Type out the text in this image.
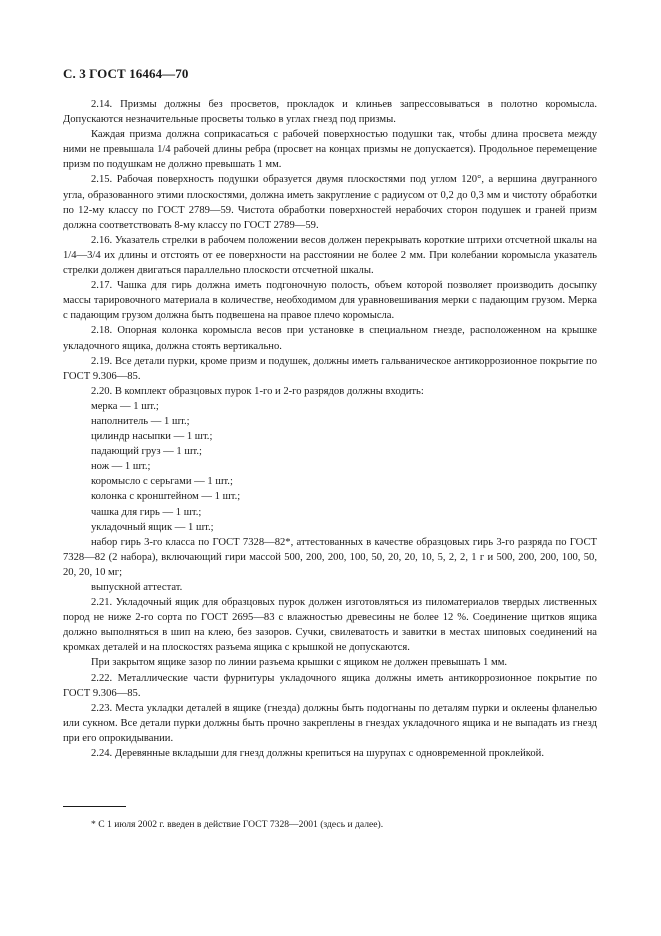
С. 3 ГОСТ 16464—70

2.14. Призмы должны без просветов, прокладок и клиньев запрессовываться в полотно коромысла. Допускаются незначительные просветы только в углах гнезд под призмы.

Каждая призма должна соприкасаться с рабочей поверхностью подушки так, чтобы длина просвета между ними не превышала 1/4 рабочей длины ребра (просвет на концах призмы не допускается). Продольное перемещение призм по подушкам не должно превышать 1 мм.

2.15. Рабочая поверхность подушки образуется двумя плоскостями под углом 120°, а вершина двугранного угла, образованного этими плоскостями, должна иметь закругление с радиусом от 0,2 до 0,3 мм и чистоту обработки по 12-му классу по ГОСТ 2789—59. Чистота обработки поверхностей нерабочих сторон подушек и граней призм должна соответствовать 8-му классу по ГОСТ 2789—59.

2.16. Указатель стрелки в рабочем положении весов должен перекрывать короткие штрихи отсчетной шкалы на 1/4—3/4 их длины и отстоять от ее поверхности на расстоянии не более 2 мм. При колебании коромысла указатель стрелки должен двигаться параллельно плоскости отсчетной шкалы.

2.17. Чашка для гирь должна иметь подгоночную полость, объем которой позволяет производить досыпку массы тарировочного материала в количестве, необходимом для уравновешивания мерки с падающим грузом. Мерка с падающим грузом должна быть подвешена на правое плечо коромысла.

2.18. Опорная колонка коромысла весов при установке в специальном гнезде, расположенном на крышке укладочного ящика, должна стоять вертикально.

2.19. Все детали пурки, кроме призм и подушек, должны иметь гальваническое антикоррозионное покрытие по ГОСТ 9.306—85.

2.20. В комплект образцовых пурок 1-го и 2-го разрядов должны входить:

мерка — 1 шт.;

наполнитель — 1 шт.;

цилиндр насыпки — 1 шт.;

падающий груз — 1 шт.;

нож — 1 шт.;

коромысло с серьгами — 1 шт.;

колонка с кронштейном — 1 шт.;

чашка для гирь — 1 шт.;

укладочный ящик — 1 шт.;

набор гирь 3-го класса по ГОСТ 7328—82*, аттестованных в качестве образцовых гирь 3-го разряда по ГОСТ 7328—82 (2 набора), включающий гири массой 500, 200, 200, 100, 50, 20, 20, 10, 5, 2, 2, 1 г и 500, 200, 200, 100, 50, 20, 20, 10 мг;

выпускной аттестат.

2.21. Укладочный ящик для образцовых пурок должен изготовляться из пиломатериалов твердых лиственных пород не ниже 2-го сорта по ГОСТ 2695—83 с влажностью древесины не более 12 %. Соединение щитков ящика должно выполняться в шип на клею, без зазоров. Сучки, свилеватость и завитки в местах шиповых соединений на кромках деталей и на плоскостях разъема ящика с крышкой не допускаются.

При закрытом ящике зазор по линии разъема крышки с ящиком не должен превышать 1 мм.

2.22. Металлические части фурнитуры укладочного ящика должны иметь антикоррозионное покрытие по ГОСТ 9.306—85.

2.23. Места укладки деталей в ящике (гнезда) должны быть подогнаны по деталям пурки и оклеены фланелью или сукном. Все детали пурки должны быть прочно закреплены в гнездах укладочного ящика и не выпадать из гнезд при его опрокидывании.

2.24. Деревянные вкладыши для гнезд должны крепиться на шурупах с одновременной проклейкой.

* С 1 июля 2002 г. введен в действие ГОСТ 7328—2001 (здесь и далее).
